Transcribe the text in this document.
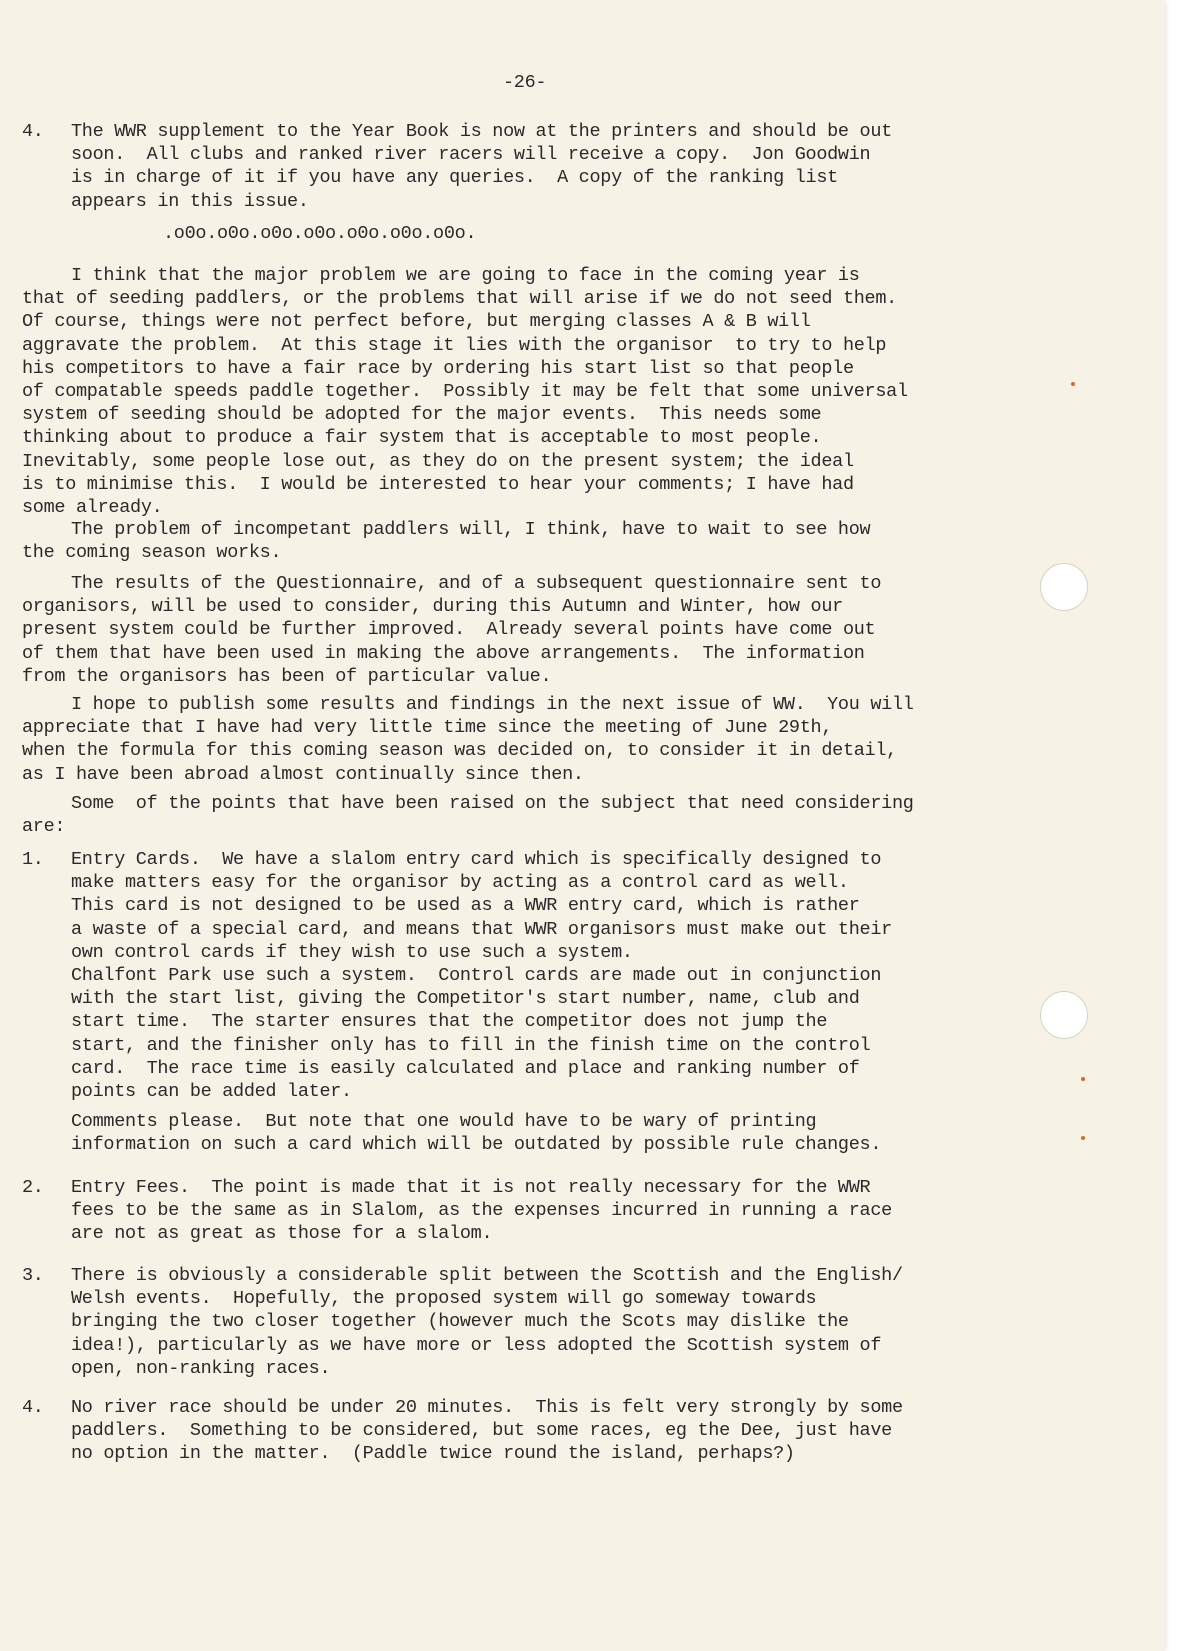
-26-
4. The WWR supplement to the Year Book is now at the printers and should be out
soon.  All clubs and ranked river racers will receive a copy.  Jon Goodwin
is in charge of it if you have any queries.  A copy of the ranking list
appears in this issue.
.o0o.o0o.o0o.o0o.o0o.o0o.o0o.
I think that the major problem we are going to face in the coming year is
that of seeding paddlers, or the problems that will arise if we do not seed them.
Of course, things were not perfect before, but merging classes A & B will
aggravate the problem.  At this stage it lies with the organisor  to try to help
his competitors to have a fair race by ordering his start list so that people
of compatable speeds paddle together.  Possibly it may be felt that some universal
system of seeding should be adopted for the major events.  This needs some
thinking about to produce a fair system that is acceptable to most people.
Inevitably, some people lose out, as they do on the present system; the ideal
is to minimise this.  I would be interested to hear your comments; I have had
some already.
The problem of incompetant paddlers will, I think, have to wait to see how
the coming season works.
The results of the Questionnaire, and of a subsequent questionnaire sent to
organisors, will be used to consider, during this Autumn and Winter, how our
present system could be further improved.  Already several points have come out
of them that have been used in making the above arrangements.  The information
from the organisors has been of particular value.
I hope to publish some results and findings in the next issue of WW.  You will
appreciate that I have had very little time since the meeting of June 29th,
when the formula for this coming season was decided on, to consider it in detail,
as I have been abroad almost continually since then.
Some  of the points that have been raised on the subject that need considering
are:
1. Entry Cards.  We have a slalom entry card which is specifically designed to
make matters easy for the organisor by acting as a control card as well.
This card is not designed to be used as a WWR entry card, which is rather
a waste of a special card, and means that WWR organisors must make out their
own control cards if they wish to use such a system.
Chalfont Park use such a system.  Control cards are made out in conjunction
with the start list, giving the Competitor's start number, name, club and
start time.  The starter ensures that the competitor does not jump the
start, and the finisher only has to fill in the finish time on the control
card.  The race time is easily calculated and place and ranking number of
points can be added later.
Comments please.  But note that one would have to be wary of printing
information on such a card which will be outdated by possible rule changes.
2. Entry Fees.  The point is made that it is not really necessary for the WWR
fees to be the same as in Slalom, as the expenses incurred in running a race
are not as great as those for a slalom.
3. There is obviously a considerable split between the Scottish and the English/
Welsh events.  Hopefully, the proposed system will go someway towards
bringing the two closer together (however much the Scots may dislike the
idea!), particularly as we have more or less adopted the Scottish system of
open, non-ranking races.
4. No river race should be under 20 minutes.  This is felt very strongly by some
paddlers.  Something to be considered, but some races, eg the Dee, just have
no option in the matter.  (Paddle twice round the island, perhaps?)
